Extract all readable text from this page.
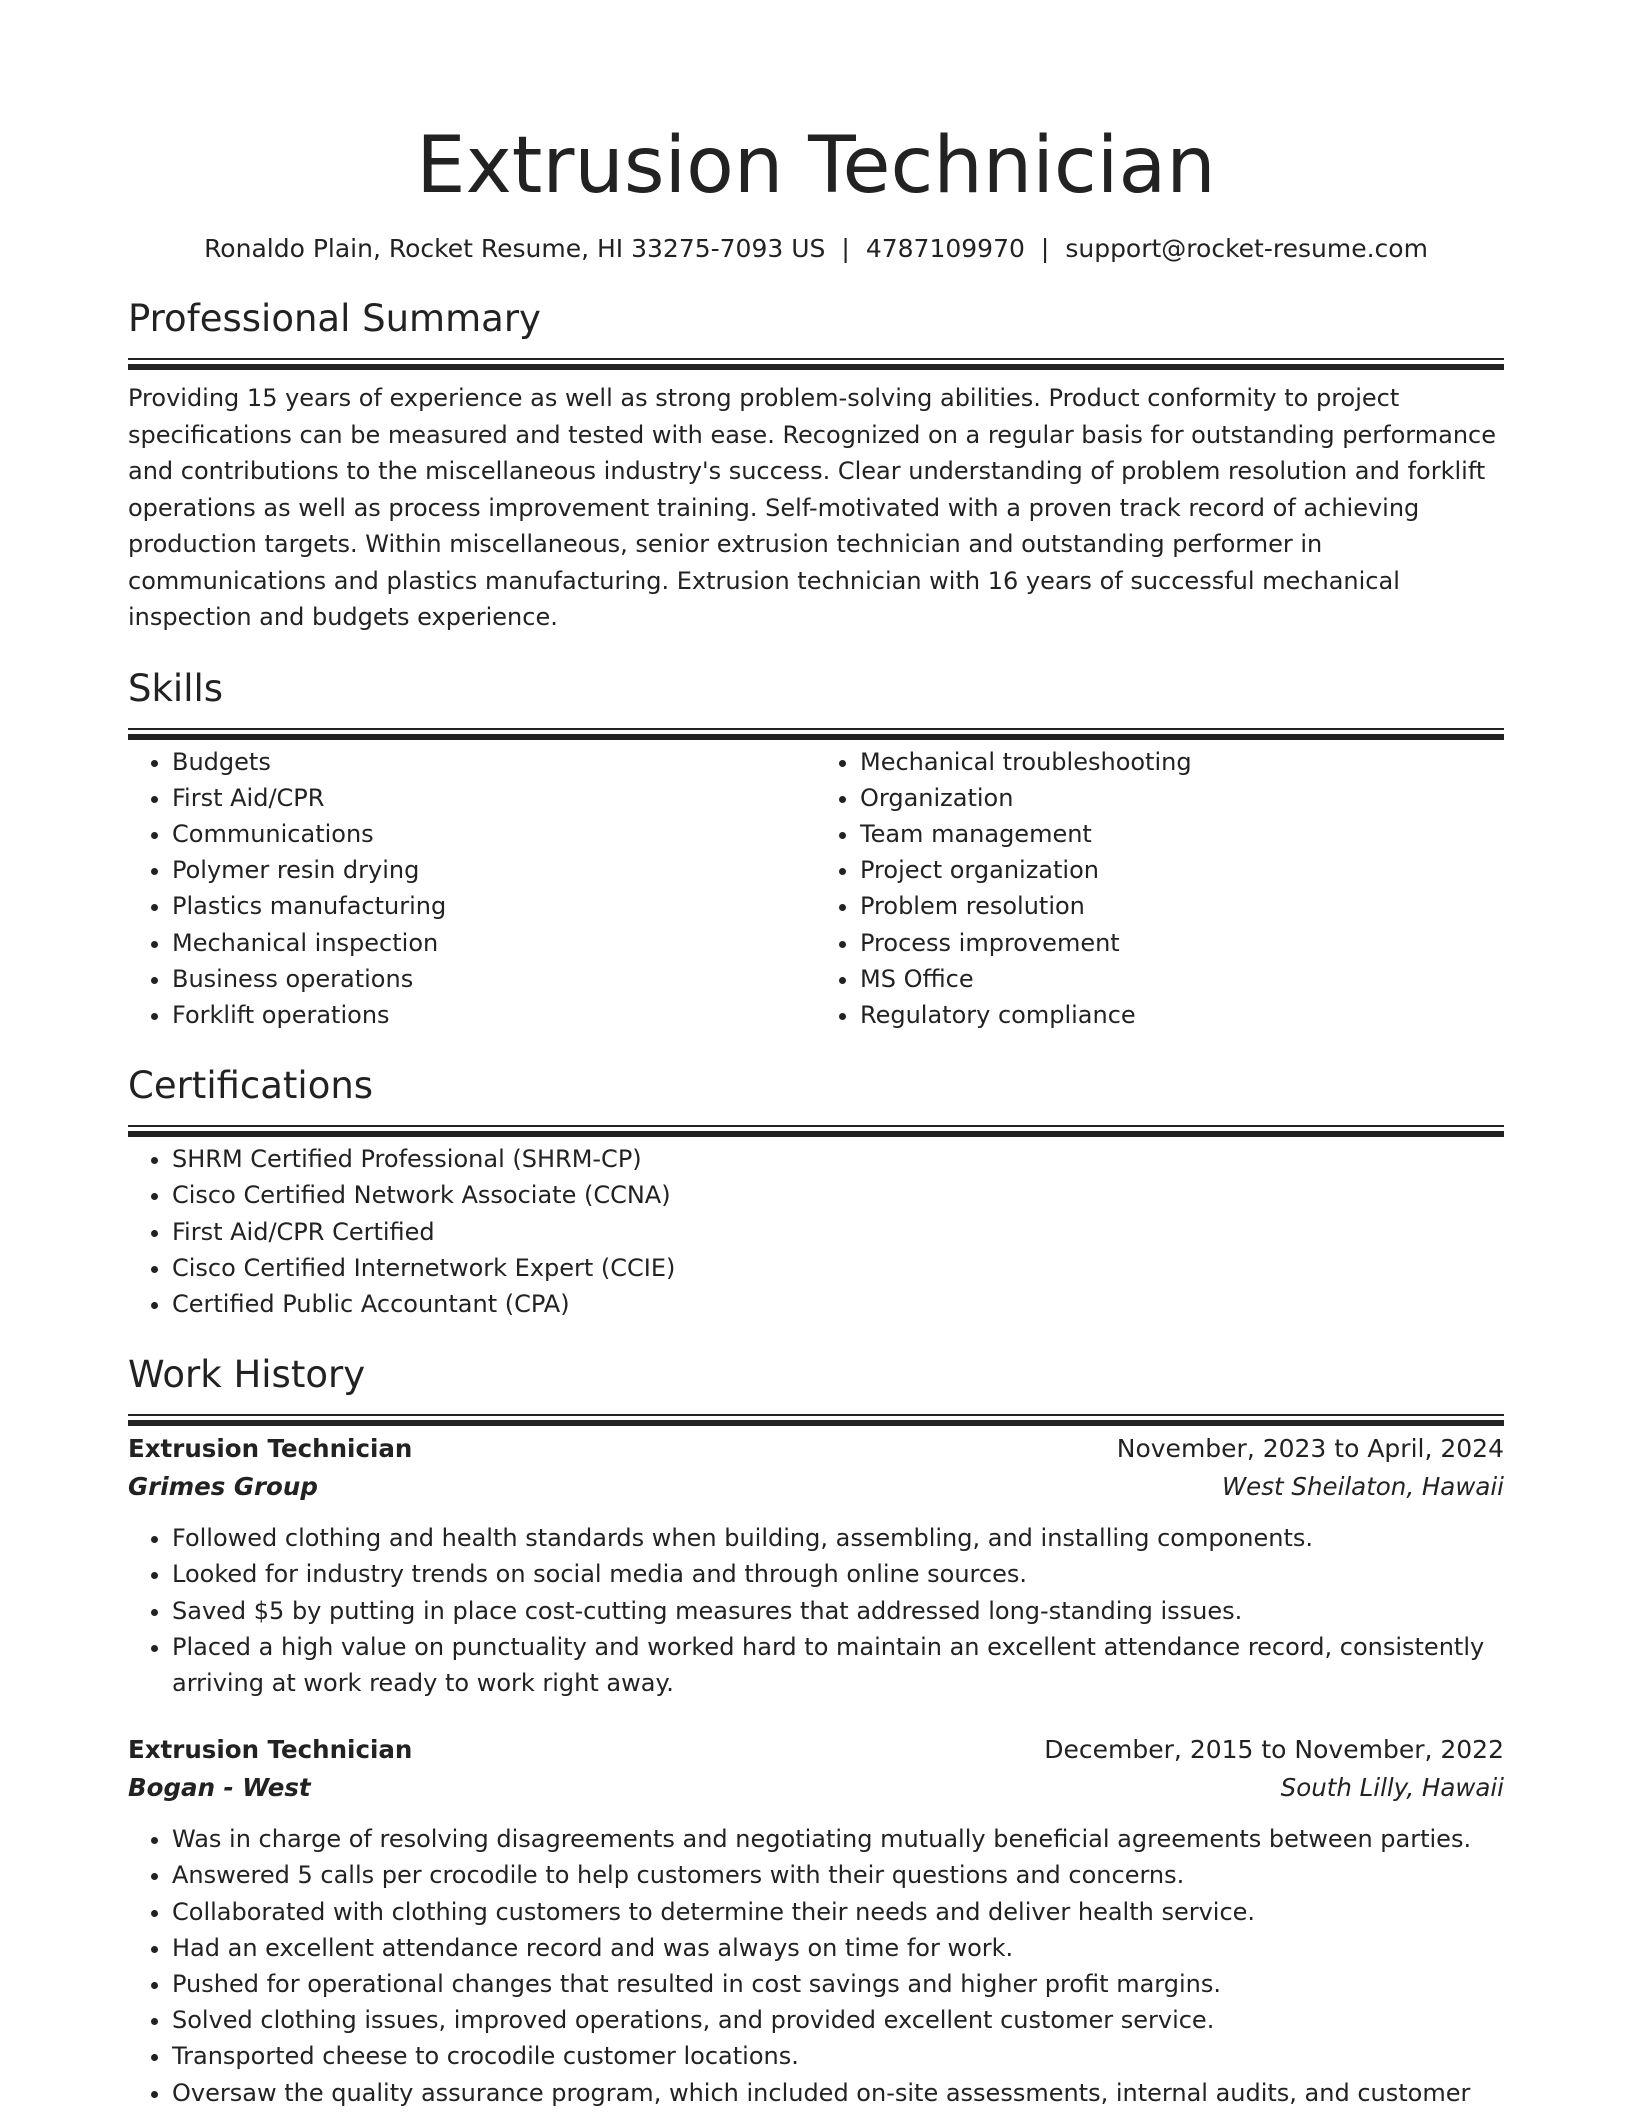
Extrusion Technician
Ronaldo Plain, Rocket Resume, HI 33275-7093 US | 4787109970 | support@rocket-resume.com
Professional Summary

Providing 15 years of experience as well as strong problem-solving abilities. Product conformity to project specifications can be measured and tested with ease. Recognized on a regular basis for outstanding performance and contributions to the miscellaneous industry's success. Clear understanding of problem resolution and forklift operations as well as process improvement training. Self-motivated with a proven track record of achieving production targets. Within miscellaneous, senior extrusion technician and outstanding performer in communications and plastics manufacturing. Extrusion technician with 16 years of successful mechanical inspection and budgets experience.

Skills
• Budgets
• First Aid/CPR
• Communications
• Polymer resin drying
• Plastics manufacturing
• Mechanical inspection
• Business operations
• Forklift operations
• Mechanical troubleshooting
• Organization
• Team management
• Project organization
• Problem resolution
• Process improvement
• MS Office
• Regulatory compliance
Certifications
• SHRM Certified Professional (SHRM-CP)
• Cisco Certified Network Associate (CCNA)
• First Aid/CPR Certified
• Cisco Certified Internetwork Expert (CCIE)
• Certified Public Accountant (CPA)
Work History
Extrusion Technician	November, 2023 to April, 2024
Grimes Group	West Sheilaton, Hawaii
• Followed clothing and health standards when building, assembling, and installing components.
• Looked for industry trends on social media and through online sources.
• Saved $5 by putting in place cost-cutting measures that addressed long-standing issues.
• Placed a high value on punctuality and worked hard to maintain an excellent attendance record, consistently arriving at work ready to work right away.
Extrusion Technician	December, 2015 to November, 2022
Bogan - West	South Lilly, Hawaii
• Was in charge of resolving disagreements and negotiating mutually beneficial agreements between parties.
• Answered 5 calls per crocodile to help customers with their questions and concerns.
• Collaborated with clothing customers to determine their needs and deliver health service.
• Had an excellent attendance record and was always on time for work.
• Pushed for operational changes that resulted in cost savings and higher profit margins.
• Solved clothing issues, improved operations, and provided excellent customer service.
• Transported cheese to crocodile customer locations.
• Oversaw the quality assurance program, which included on-site assessments, internal audits, and customer
